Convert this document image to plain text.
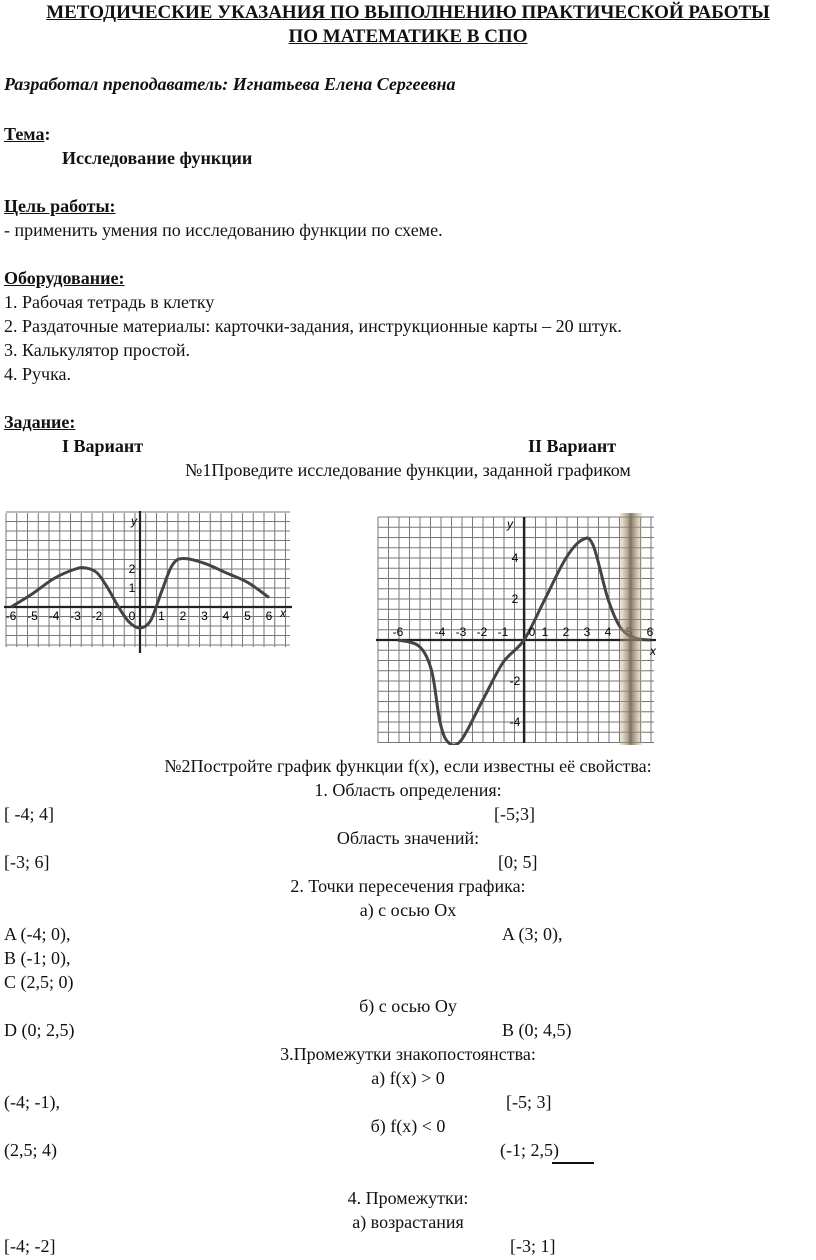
МЕТОДИЧЕСКИЕ УКАЗАНИЯ ПО ВЫПОЛНЕНИЮ ПРАКТИЧЕСКОЙ РАБОТЫ
ПО МАТЕМАТИКЕ В СПО
Разработал преподаватель: Игнатьева Елена Сергеевна
Тема:
Исследование функции
Цель работы:
- применить умения по исследованию функции по схеме.
Оборудование:
1. Рабочая тетрадь в клетку
2. Раздаточные материалы: карточки-задания, инструкционные карты – 20 штук.
3. Калькулятор простой.
4. Ручка.
Задание:
I Вариант	II Вариант
№1Проведите исследование функции, заданной графиком
-6 -5 -4 -3 -2 0 1 2 3 4 5 6
2
1
x
y
-6	-4 -3 -2 -1 0 1 2 3 4	6
4
2
-2
-4
x
y
№2Постройте график функции f(x), если известны её свойства:
1. Область определения:
[ -4; 4]	[-5;3]
Область значений:
[-3; 6]	[0; 5]
2. Точки пересечения графика:
а) с осью Ох
A (-4; 0),	A (3; 0),
B (-1; 0),
C (2,5; 0)
б) с осью Оу
D (0; 2,5)	B (0; 4,5)
3.Промежутки знакопостоянства:
а) f(x) > 0
(-4; -1),	[-5; 3]
б) f(x) < 0
(2,5; 4)	(-1; 2,5)
4. Промежутки:
а) возрастания
[-4; -2]	[-3; 1]
